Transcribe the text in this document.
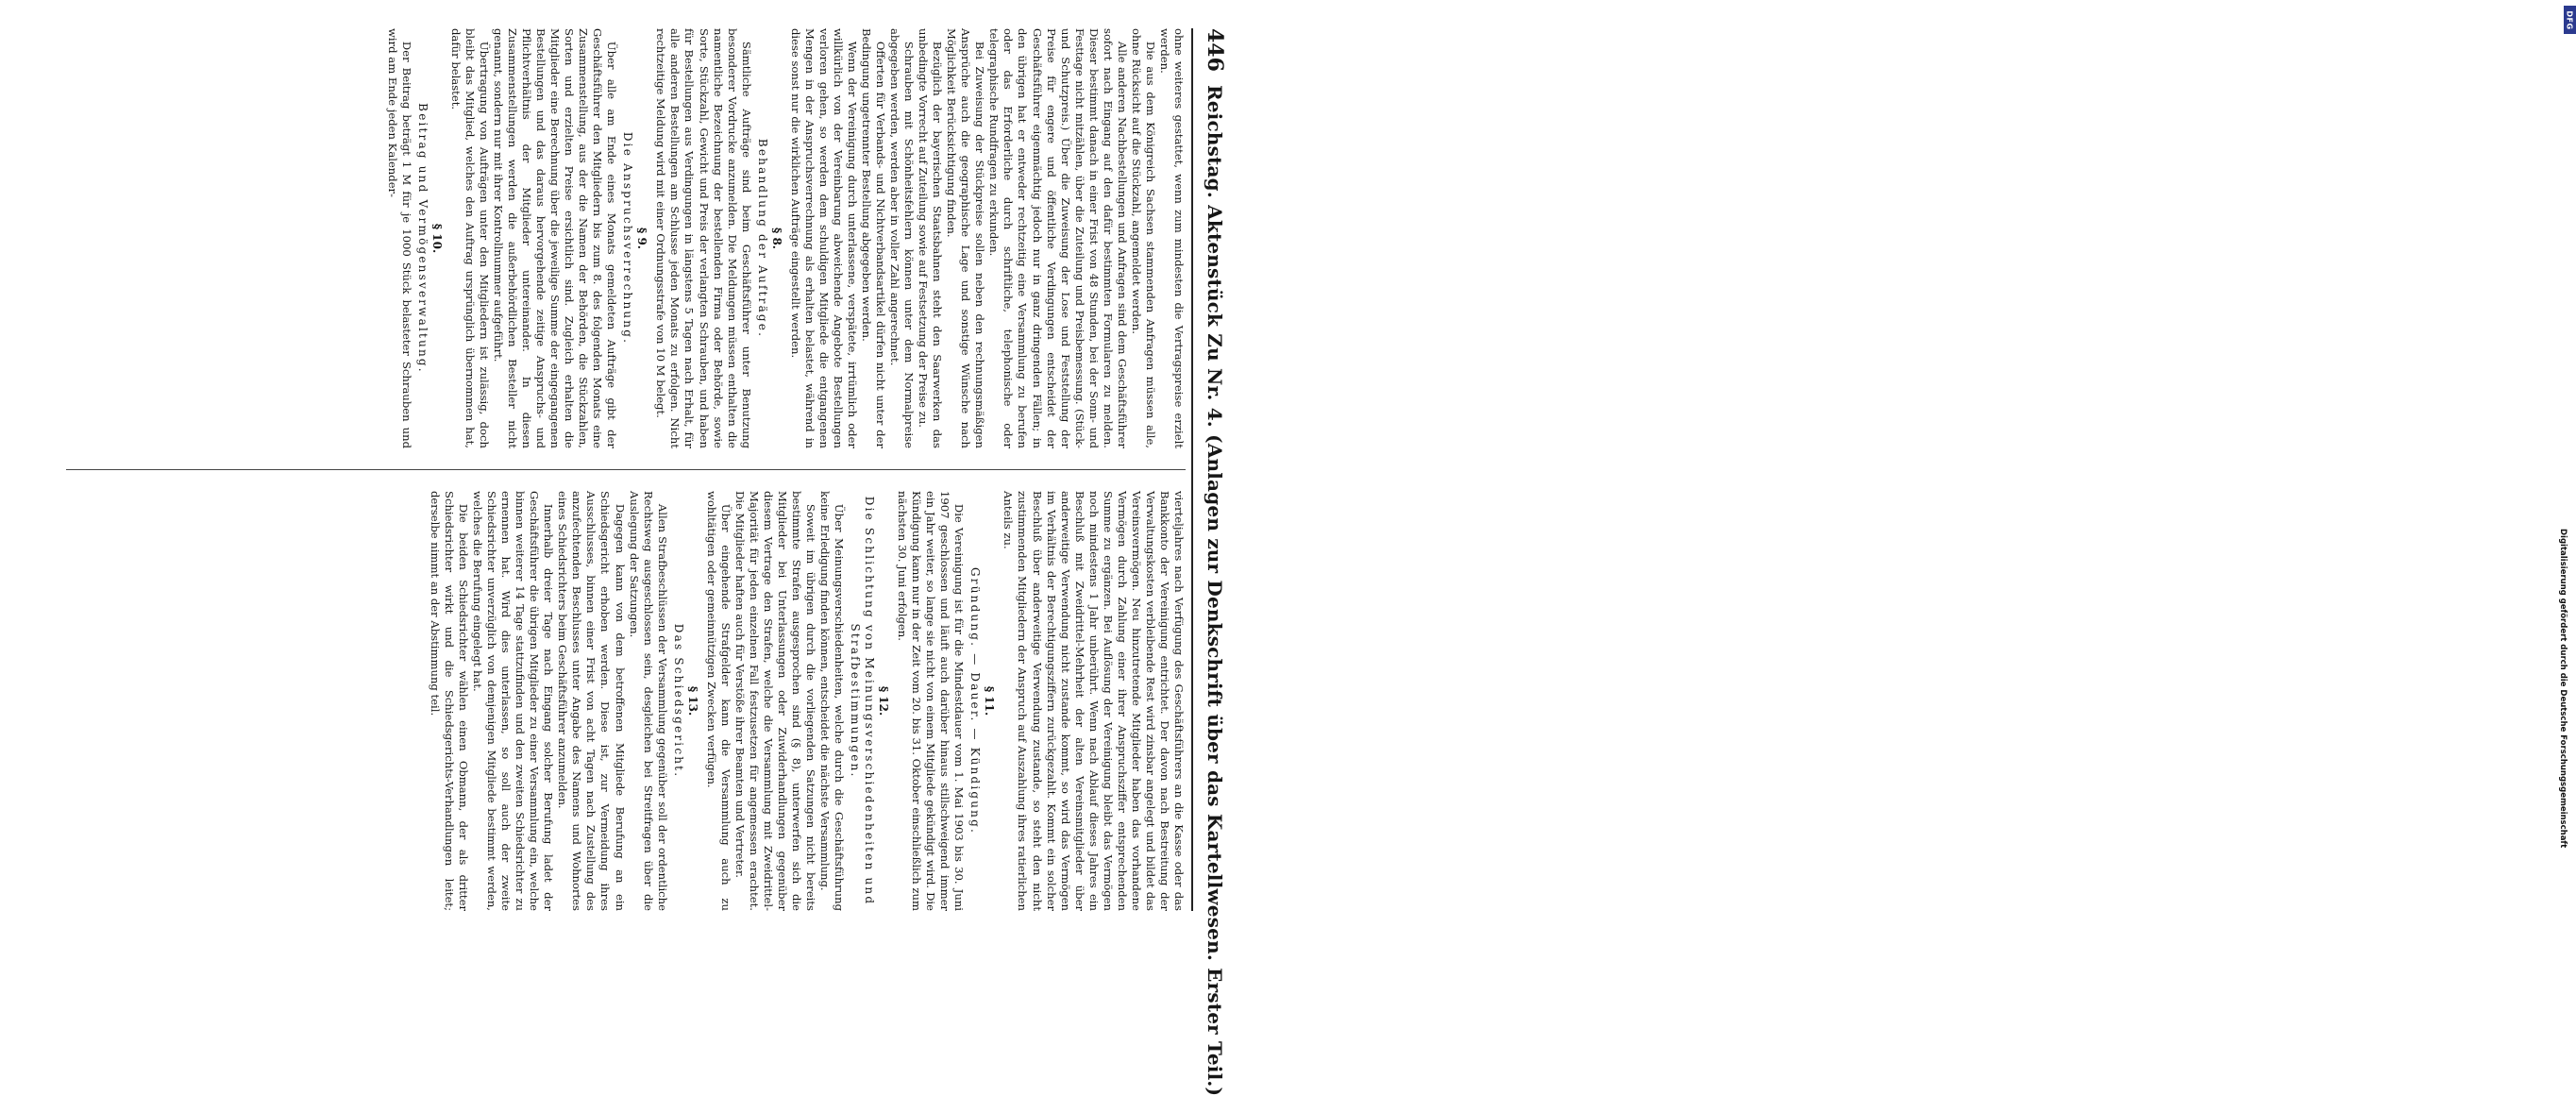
DFG
Digitalisierung gefördert durch die Deutsche Forschungsgemeinschaft
446
Reichstag. Aktenstück Zu Nr. 4. (Anlagen zur Denkschrift über das Kartellwesen. Erster Teil.)

ohne weiteres gestattet, wenn zum mindesten die Vertragspreise erzielt werden.

Die aus dem Königreich Sachsen stammenden Anfragen müssen alle, ohne Rücksicht auf die Stückzahl, angemeldet werden.

Alle anderen Nachbestellungen und Anfragen sind dem Geschäftsführer sofort nach Eingang auf den dafür bestimmten Formularen zu melden. Dieser bestimmt danach in einer Frist von 48 Stunden, bei der Sonn- und Festtage nicht mitzählen, über die Zuteilung und Preisbemessung. (Stück- und Schutzpreis.) Über die Zuweisung der Lose und Feststellung der Preise für engere und öffentliche Verdingungen entscheidet der Geschäftsführer eigenmächtig jedoch nur in ganz dringenden Fällen; in den übrigen hat er entweder rechtzeitig eine Versammlung zu berufen oder das Erforderliche durch schriftliche, telephonische oder telegraphische Rundfragen zu erkunden.

Bei Zuweisung der Stückpreise sollen neben den rechnungsmäßigen Ansprüche auch die geographische Lage und sonstige Wünsche nach Möglichkeit Berücksichtigung finden.

Bezüglich der bayerischen Staatsbahnen steht den Saarwerken das unbedingte Vorrecht auf Zuteilung sowie auf Festsetzung der Preise zu.

Schrauben mit Schönheitsfehlern können unter dem Normalpreise abgegeben werden, werden aber in voller Zahl angerechnet.

Offerten für Verbands- und Nichtverbandsartikel dürfen nicht unter der Bedingung ungetrennter Bestellung abgegeben werden.

Wenn der Vereinigung durch unterlassene, verspätete, irrtümlich oder willkürlich von der Vereinbarung abweichende Angebote Bestellungen verloren gehen, so werden dem schuldigen Mitgliede die entgangenen Mengen in der Anspruchsverrechnung als erhalten belastet, während in diese sonst nur die wirklichen Aufträge eingestellt werden.

§ 8.
Behandlung der Aufträge.

Sämtliche Aufträge sind beim Geschäftsführer unter Benutzung besonderer Vordrucke anzumelden. Die Meldungen müssen enthalten die namentliche Bezeichnung der bestellenden Firma oder Behörde, sowie Sorte, Stückzahl, Gewicht und Preis der verlangten Schrauben, und haben für Bestellungen aus Verdingungen in längstens 5 Tagen nach Erhalt, für alle anderen Bestellungen am Schlusse jeden Monats zu erfolgen. Nicht rechtzeitige Meldung wird mit einer Ordnungsstrafe von 10 M belegt.

§ 9.
Die Anspruchsverrechnung.

Über alle am Ende eines Monats gemeldeten Aufträge gibt der Geschäftsführer den Mitgliedern bis zum 8. des folgenden Monats eine Zusammenstellung, aus der die Namen der Behörden, die Stückzahlen, Sorten und erzielten Preise ersichtlich sind. Zugleich erhalten die Mitglieder eine Berechnung über die jeweilige Summe der eingegangenen Bestellungen und das daraus hervorgehende zeitige Anspruchs- und Pflichtverhältnis der Mitglieder untereinander. In diesen Zusammenstellungen werden die außerbehördlichen Besteller nicht genannt, sondern nur mit ihrer Kontrollnummer aufgeführt.

Übertragung von Aufträgen unter den Mitgliedern ist zulässig, doch bleibt das Mitglied, welches den Auftrag ursprünglich übernommen hat, dafür belastet.

§ 10.
Beitrag und Vermögensverwaltung.

Der Beitrag beträgt 1 M für je 1000 Stück belasteter Schrauben und wird am Ende jeden Kalender-

vierteljahres nach Verfügung des Geschäftsführers an die Kasse oder das Bankkonto der Vereinigung entrichtet. Der davon nach Bestreitung der Verwaltungskosten verbleibende Rest wird zinsbar angelegt und bildet das Vereinsvermögen. Neu hinzutretende Mitglieder haben das vorhandene Vermögen durch Zahlung einer ihrer Anspruchsziffer entsprechenden Summe zu ergänzen. Bei Auflösung der Vereinigung bleibt das Vermögen noch mindestens 1 Jahr unberührt. Wenn nach Ablauf dieses Jahres ein Beschluß mit Zweidrittel-Mehrheit der alten Vereinsmitglieder über anderweitige Verwendung nicht zustande kommt, so wird das Vermögen im Verhältnis der Berechtigungsziffern zurückgezahlt. Kommt ein solcher Beschluß über anderweitige Verwendung zustande, so steht den nicht zustimmenden Mitgliedern der Anspruch auf Auszahlung ihres ratierlichen Anteils zu.

§ 11.
Gründung. — Dauer. — Kündigung.

Die Vereinigung ist für die Mindestdauer vom 1. Mai 1903 bis 30. Juni 1907 geschlossen und läuft auch darüber hinaus stillschweigend immer ein Jahr weiter, so lange sie nicht von einem Mitgliede gekündigt wird. Die Kündigung kann nur in der Zeit vom 20. bis 31. Oktober einschließlich zum nächsten 30. Juni erfolgen.

§ 12.
Die Schlichtung von Meinungsverschiedenheiten und Strafbestimmungen.

Über Meinungsverschiedenheiten, welche durch die Geschäftsführung keine Erledigung finden können, entscheidet die nächste Versammlung.

Soweit im übrigen durch die vorliegenden Satzungen nicht bereits bestimmte Strafen ausgesprochen sind (§ 8), unterwerfen sich die Mitglieder bei Unterlassungen oder Zuwiderhandlungen gegenüber diesem Vertrage den Strafen, welche die Versammlung mit Zweidrittel-Majorität für jeden einzelnen Fall festzusetzen für angemessen erachtet. Die Mitglieder haften auch für Verstöße ihrer Beamten und Vertreter.

Über eingehende Strafgelder kann die Versammlung auch zu wohltätigen oder gemeinnützigen Zwecken verfügen.

§ 13.
Das Schiedsgericht.

Allen Strafbeschlüssen der Versammlung gegenüber soll der ordentliche Rechtsweg ausgeschlossen sein, desgleichen bei Streitfragen über die Auslegung der Satzungen.

Dagegen kann von dem betroffenen Mitgliede Berufung an ein Schiedsgericht erhoben werden. Diese ist, zur Vermeidung ihres Ausschlusses, binnen einer Frist von acht Tagen nach Zustellung des anzufechtenden Beschlusses unter Angabe des Namens und Wohnortes eines Schiedsrichters beim Geschäftsführer anzumelden.

Innerhalb dreier Tage nach Eingang solcher Berufung ladet der Geschäftsführer die übrigen Mitglieder zu einer Versammlung ein, welche binnen weiterer 14 Tage stattzufinden und den zweiten Schiedsrichter zu ernennen hat. Wird dies unterlassen, so soll auch der zweite Schiedsrichter unverzüglich von demjenigen Mitgliede bestimmt werden, welches die Berufung eingelegt hat.

Die beiden Schiedsrichter wählen einen Obmann, der als dritter Schiedsrichter wirkt und die Schiedsgerichts-Verhandlungen leitet; derselbe nimmt an der Abstimmung teil.
